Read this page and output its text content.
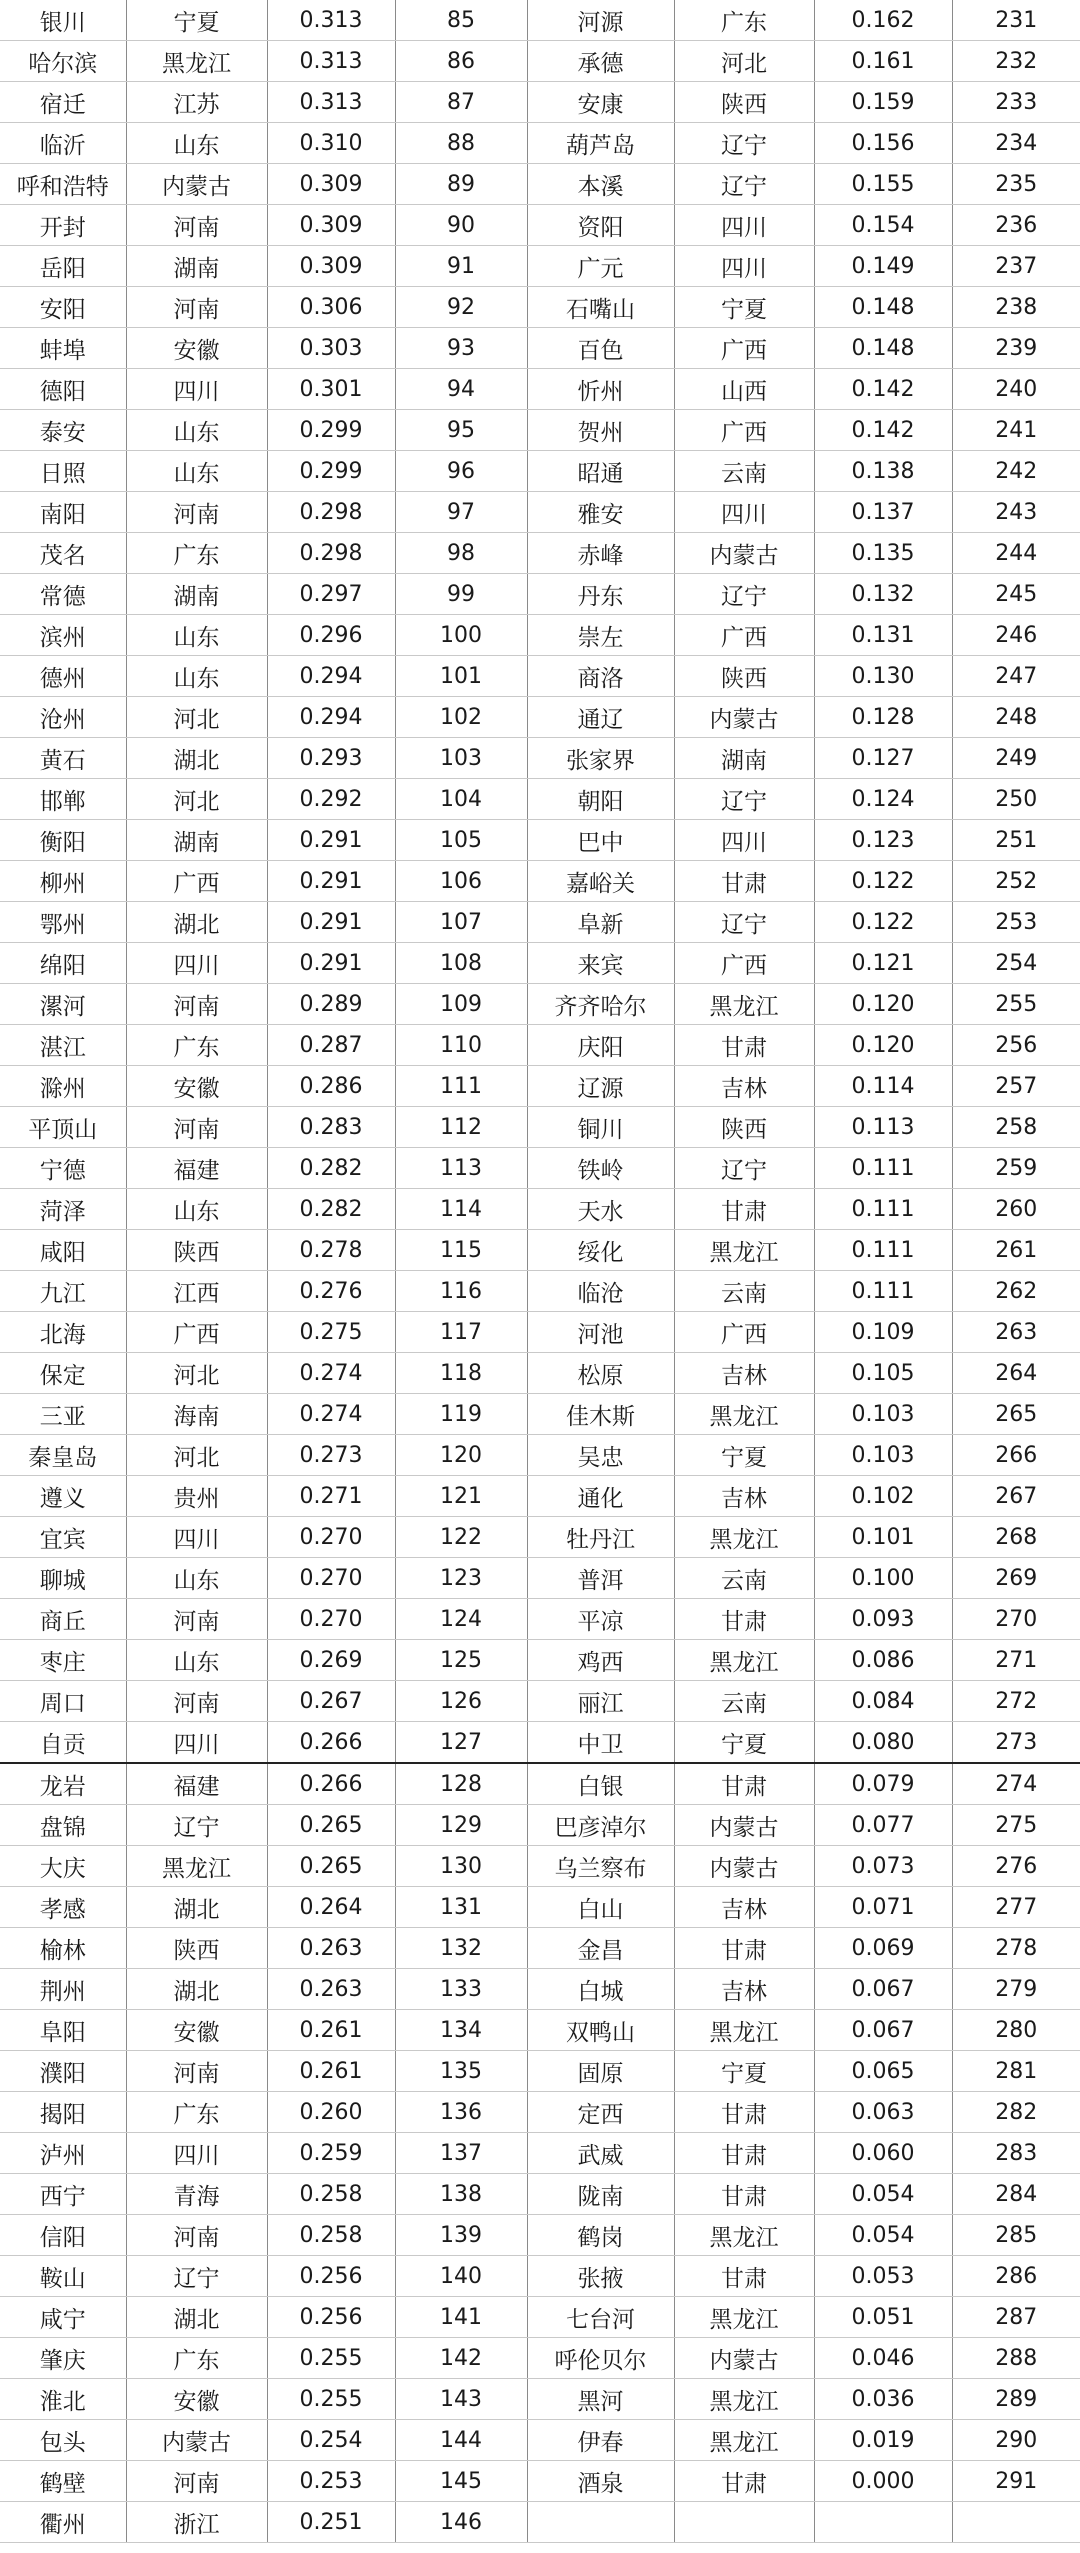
银川	宁夏	0.313	85	河源	广东	0.162	231
哈尔滨	黑龙江	0.313	86	承德	河北	0.161	232
宿迁	江苏	0.313	87	安康	陕西	0.159	233
临沂	山东	0.310	88	葫芦岛	辽宁	0.156	234
呼和浩特	内蒙古	0.309	89	本溪	辽宁	0.155	235
开封	河南	0.309	90	资阳	四川	0.154	236
岳阳	湖南	0.309	91	广元	四川	0.149	237
安阳	河南	0.306	92	石嘴山	宁夏	0.148	238
蚌埠	安徽	0.303	93	百色	广西	0.148	239
德阳	四川	0.301	94	忻州	山西	0.142	240
泰安	山东	0.299	95	贺州	广西	0.142	241
日照	山东	0.299	96	昭通	云南	0.138	242
南阳	河南	0.298	97	雅安	四川	0.137	243
茂名	广东	0.298	98	赤峰	内蒙古	0.135	244
常德	湖南	0.297	99	丹东	辽宁	0.132	245
滨州	山东	0.296	100	崇左	广西	0.131	246
德州	山东	0.294	101	商洛	陕西	0.130	247
沧州	河北	0.294	102	通辽	内蒙古	0.128	248
黄石	湖北	0.293	103	张家界	湖南	0.127	249
邯郸	河北	0.292	104	朝阳	辽宁	0.124	250
衡阳	湖南	0.291	105	巴中	四川	0.123	251
柳州	广西	0.291	106	嘉峪关	甘肃	0.122	252
鄂州	湖北	0.291	107	阜新	辽宁	0.122	253
绵阳	四川	0.291	108	来宾	广西	0.121	254
漯河	河南	0.289	109	齐齐哈尔	黑龙江	0.120	255
湛江	广东	0.287	110	庆阳	甘肃	0.120	256
滁州	安徽	0.286	111	辽源	吉林	0.114	257
平顶山	河南	0.283	112	铜川	陕西	0.113	258
宁德	福建	0.282	113	铁岭	辽宁	0.111	259
菏泽	山东	0.282	114	天水	甘肃	0.111	260
咸阳	陕西	0.278	115	绥化	黑龙江	0.111	261
九江	江西	0.276	116	临沧	云南	0.111	262
北海	广西	0.275	117	河池	广西	0.109	263
保定	河北	0.274	118	松原	吉林	0.105	264
三亚	海南	0.274	119	佳木斯	黑龙江	0.103	265
秦皇岛	河北	0.273	120	吴忠	宁夏	0.103	266
遵义	贵州	0.271	121	通化	吉林	0.102	267
宜宾	四川	0.270	122	牡丹江	黑龙江	0.101	268
聊城	山东	0.270	123	普洱	云南	0.100	269
商丘	河南	0.270	124	平凉	甘肃	0.093	270
枣庄	山东	0.269	125	鸡西	黑龙江	0.086	271
周口	河南	0.267	126	丽江	云南	0.084	272
自贡	四川	0.266	127	中卫	宁夏	0.080	273
龙岩	福建	0.266	128	白银	甘肃	0.079	274
盘锦	辽宁	0.265	129	巴彦淖尔	内蒙古	0.077	275
大庆	黑龙江	0.265	130	乌兰察布	内蒙古	0.073	276
孝感	湖北	0.264	131	白山	吉林	0.071	277
榆林	陕西	0.263	132	金昌	甘肃	0.069	278
荆州	湖北	0.263	133	白城	吉林	0.067	279
阜阳	安徽	0.261	134	双鸭山	黑龙江	0.067	280
濮阳	河南	0.261	135	固原	宁夏	0.065	281
揭阳	广东	0.260	136	定西	甘肃	0.063	282
泸州	四川	0.259	137	武威	甘肃	0.060	283
西宁	青海	0.258	138	陇南	甘肃	0.054	284
信阳	河南	0.258	139	鹤岗	黑龙江	0.054	285
鞍山	辽宁	0.256	140	张掖	甘肃	0.053	286
咸宁	湖北	0.256	141	七台河	黑龙江	0.051	287
肇庆	广东	0.255	142	呼伦贝尔	内蒙古	0.046	288
淮北	安徽	0.255	143	黑河	黑龙江	0.036	289
包头	内蒙古	0.254	144	伊春	黑龙江	0.019	290
鹤壁	河南	0.253	145	酒泉	甘肃	0.000	291
衢州	浙江	0.251	146				
